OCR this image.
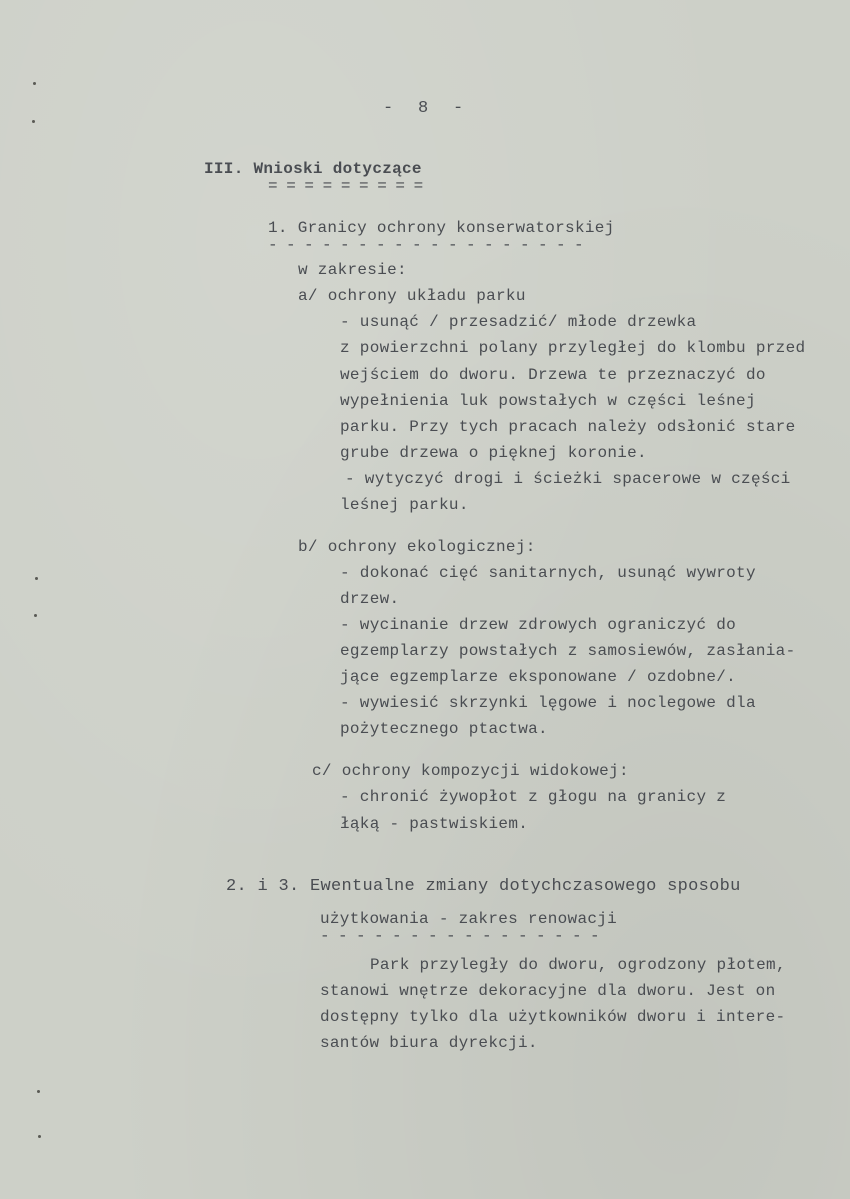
- 8 -
III. Wnioski dotyczące
= = = = = = = = =
1. Granicy ochrony konserwatorskiej
- - - - - - - - - - - - - - - - - -
w zakresie:
a/ ochrony układu parku
- usunąć / przesadzić/ młode drzewka
z powierzchni polany przyległej do klombu przed
wejściem do dworu. Drzewa te przeznaczyć do
wypełnienia luk powstałych w części leśnej
parku. Przy tych pracach należy odsłonić stare
grube drzewa o pięknej koronie.
- wytyczyć drogi i ścieżki spacerowe w części
leśnej parku.
b/ ochrony ekologicznej:
- dokonać cięć sanitarnych, usunąć wywroty
drzew.
- wycinanie drzew zdrowych ograniczyć do
egzemplarzy powstałych z samosiewów, zasłania-
jące egzemplarze eksponowane / ozdobne/.
- wywiesić skrzynki lęgowe i noclegowe dla
pożytecznego ptactwa.
c/ ochrony kompozycji widokowej:
- chronić żywopłot z głogu na granicy z
łąką - pastwiskiem.
2. i 3. Ewentualne zmiany dotychczasowego sposobu
użytkowania - zakres renowacji
- - - - - - - - - - - - - - - -
Park przyległy do dworu, ogrodzony płotem,
stanowi wnętrze dekoracyjne dla dworu. Jest on
dostępny tylko dla użytkowników dworu i intere-
santów biura dyrekcji.
